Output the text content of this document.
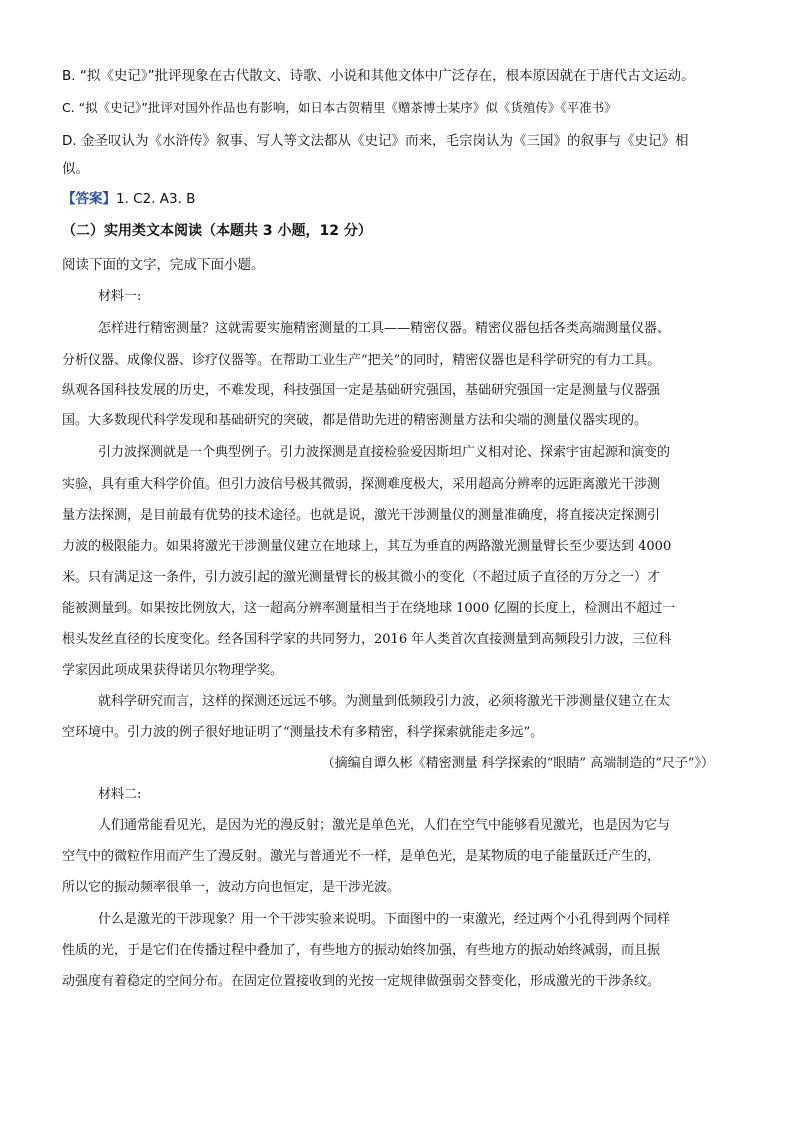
B. “拟《史记》”批评现象在古代散文、诗歌、小说和其他文体中广泛存在，根本原因就在于唐代古文运动。
C. “拟《史记》”批评对国外作品也有影响，如日本古贺精里《赠茶博士某序》似《货殖传》《平准书》
D. 金圣叹认为《水浒传》叙事、写人等文法都从《史记》而来，毛宗岗认为《三国》的叙事与《史记》相
似。
【答案】1. C2. A3. B
（二）实用类文本阅读（本题共 3 小题，12 分）
阅读下面的文字，完成下面小题。
材料一:
怎样进行精密测量？这就需要实施精密测量的工具——精密仪器。精密仪器包括各类高端测量仪器、
分析仪器、成像仪器、诊疗仪器等。在帮助工业生产“把关”的同时，精密仪器也是科学研究的有力工具。
纵观各国科技发展的历史，不难发现，科技强国一定是基础研究强国，基础研究强国一定是测量与仪器强
国。大多数现代科学发现和基础研究的突破，都是借助先进的精密测量方法和尖端的测量仪器实现的。
引力波探测就是一个典型例子。引力波探测是直接检验爱因斯坦广义相对论、探索宇宙起源和演变的
实验，具有重大科学价值。但引力波信号极其微弱，探测难度极大，采用超高分辨率的远距离激光干涉测
量方法探测，是目前最有优势的技术途径。也就是说，激光干涉测量仪的测量准确度，将直接决定探测引
力波的极限能力。如果将激光干涉测量仪建立在地球上，其互为垂直的两路激光测量臂长至少要达到 4000
米。只有满足这一条件，引力波引起的激光测量臂长的极其微小的变化（不超过质子直径的万分之一）才
能被测量到。如果按比例放大，这一超高分辨率测量相当于在绕地球 1000 亿圈的长度上，检测出不超过一
根头发丝直径的长度变化。经各国科学家的共同努力，2016 年人类首次直接测量到高频段引力波，三位科
学家因此项成果获得诺贝尔物理学奖。
就科学研究而言，这样的探测还远远不够。为测量到低频段引力波，必须将激光干涉测量仪建立在太
空环境中。引力波的例子很好地证明了“测量技术有多精密，科学探索就能走多远”。
（摘编自谭久彬《精密测量 科学探索的“眼睛” 高端制造的“尺子”》）
材料二:
人们通常能看见光，是因为光的漫反射；激光是单色光，人们在空气中能够看见激光，也是因为它与
空气中的微粒作用而产生了漫反射。激光与普通光不一样，是单色光，是某物质的电子能量跃迁产生的，
所以它的振动频率很单一，波动方向也恒定，是干涉光波。
什么是激光的干涉现象？用一个干涉实验来说明。下面图中的一束激光，经过两个小孔得到两个同样
性质的光，于是它们在传播过程中叠加了，有些地方的振动始终加强，有些地方的振动始终减弱，而且振
动强度有着稳定的空间分布。在固定位置接收到的光按一定规律做强弱交替变化，形成激光的干涉条纹。
